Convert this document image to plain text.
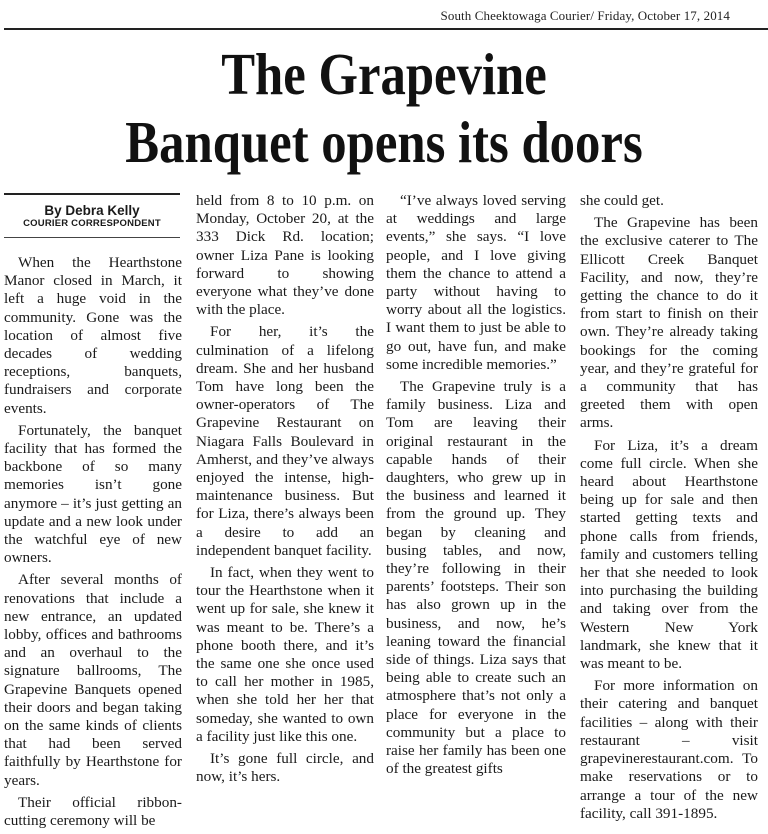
South Cheektowaga Courier/ Friday, October 17, 2014
The Grapevine
Banquet opens its doors
By Debra Kelly
COURIER CORRESPONDENT

When the Hearthstone Manor closed in March, it left a huge void in the community. Gone was the location of almost five decades of wedding receptions, banquets, fundraisers and corporate events.

Fortunately, the banquet facility that has formed the backbone of so many memories isn’t gone anymore – it’s just getting an update and a new look under the watchful eye of new owners.

After several months of renovations that include a new entrance, an updated lobby, offices and bathrooms and an overhaul to the signature ballrooms, The Grapevine Banquets opened their doors and began taking on the same kinds of clients that had been served faithfully by Hearthstone for years.

Their official ribbon-cutting ceremony will be

held from 8 to 10 p.m. on Monday, October 20, at the 333 Dick Rd. location; owner Liza Pane is looking forward to showing everyone what they’ve done with the place.

For her, it’s the culmination of a lifelong dream. She and her husband Tom have long been the owner-operators of The Grapevine Restaurant on Niagara Falls Boulevard in Amherst, and they’ve always enjoyed the intense, high-maintenance business. But for Liza, there’s always been a desire to add an independent banquet facility.

In fact, when they went to tour the Hearthstone when it went up for sale, she knew it was meant to be. There’s a phone booth there, and it’s the same one she once used to call her mother in 1985, when she told her her that someday, she wanted to own a facility just like this one.

It’s gone full circle, and now, it’s hers.

“I’ve always loved serving at weddings and large events,” she says. “I love people, and I love giving them the chance to attend a party without having to worry about all the logistics. I want them to just be able to go out, have fun, and make some incredible memories.”

The Grapevine truly is a family business. Liza and Tom are leaving their original restaurant in the capable hands of their daughters, who grew up in the business and learned it from the ground up. They began by cleaning and busing tables, and now, they’re following in their parents’ footsteps. Their son has also grown up in the business, and now, he’s leaning toward the financial side of things. Liza says that being able to create such an atmosphere that’s not only a place for everyone in the community but a place to raise her family has been one of the greatest gifts

she could get.

The Grapevine has been the exclusive caterer to The Ellicott Creek Banquet Facility, and now, they’re getting the chance to do it from start to finish on their own. They’re already taking bookings for the coming year, and they’re grateful for a community that has greeted them with open arms.

For Liza, it’s a dream come full circle. When she heard about Hearthstone being up for sale and then started getting texts and phone calls from friends, family and customers telling her that she needed to look into purchasing the building and taking over from the Western New York landmark, she knew that it was meant to be.

For more information on their catering and banquet facilities – along with their restaurant – visit grapevinerestaurant.com. To make reservations or to arrange a tour of the new facility, call 391-1895.
